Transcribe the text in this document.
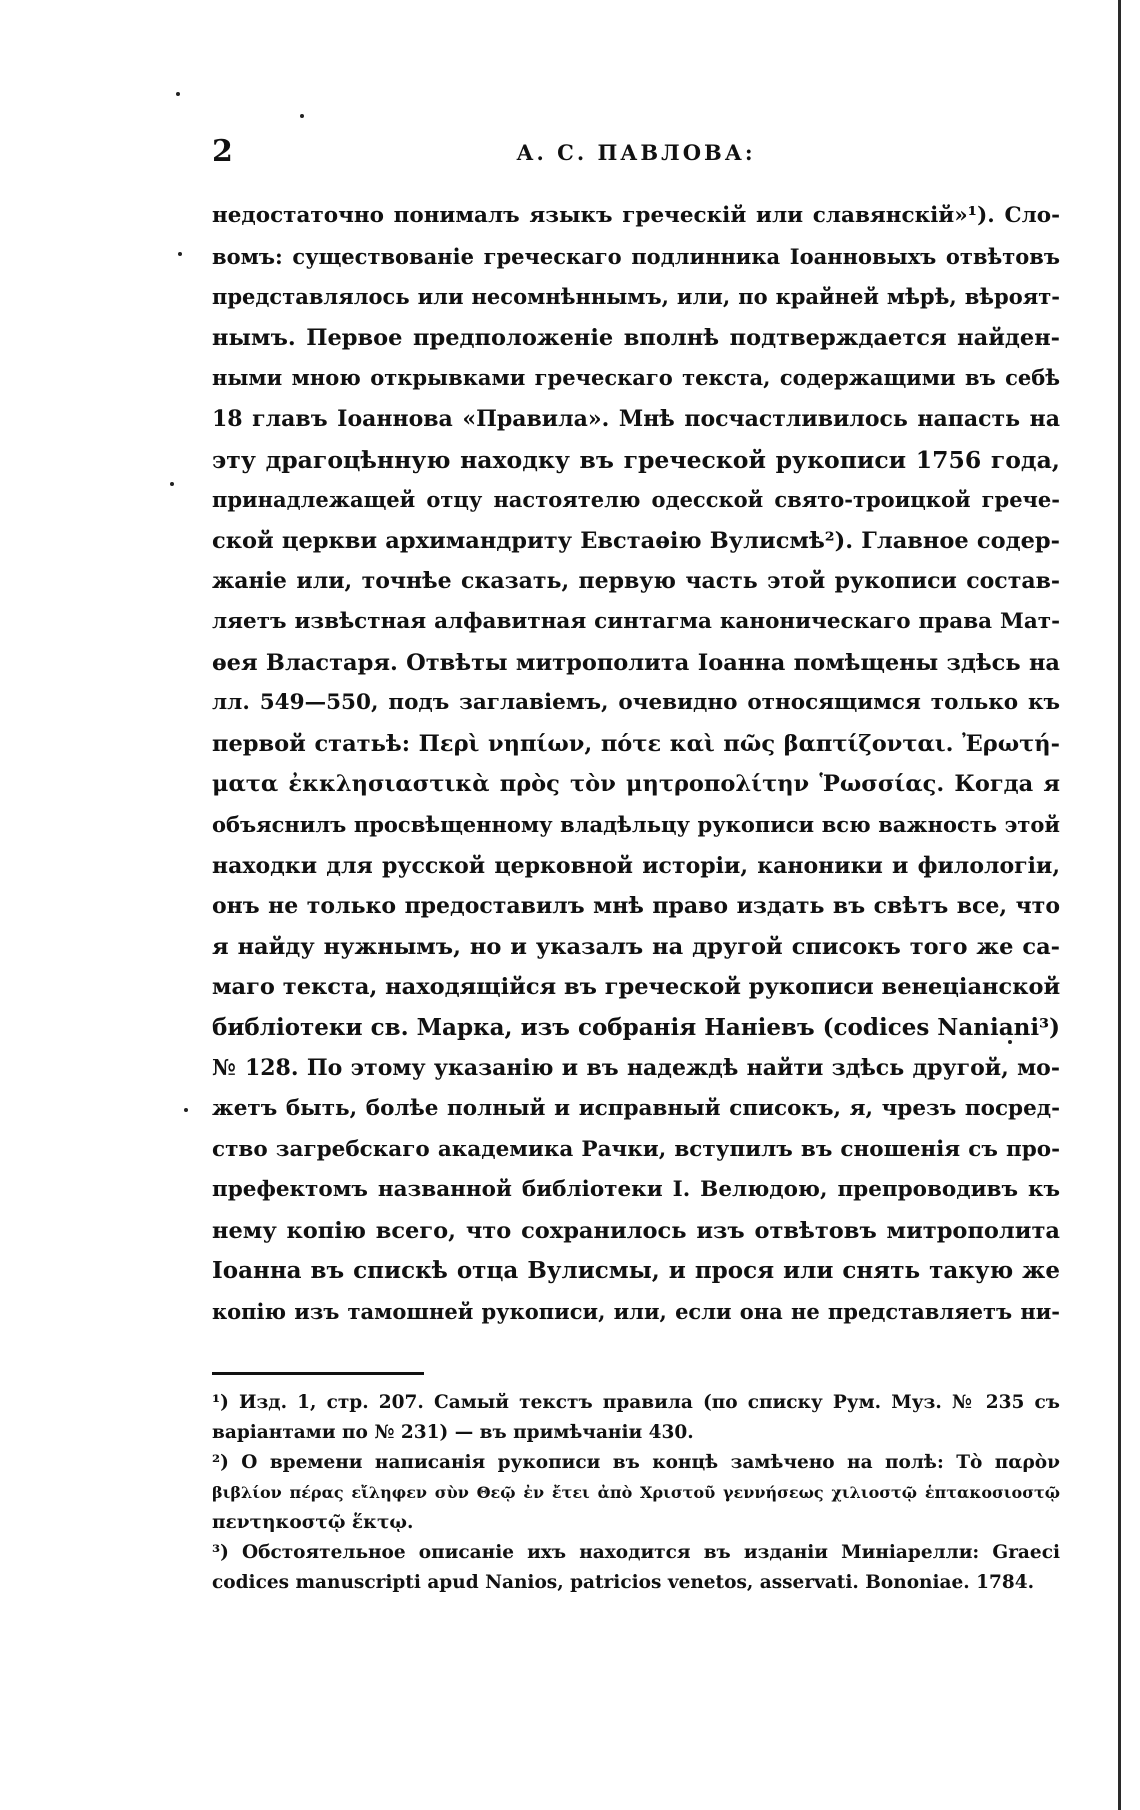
2	А. С. ПАВЛОВА:
недостаточно понималъ языкъ греческій или славянскій»¹). Сло-
вомъ: существованіе греческаго подлинника Іоанновыхъ отвѣтовъ
представлялось или несомнѣннымъ, или, по крайней мѣрѣ, вѣроят-
нымъ. Первое предположеніе вполнѣ подтверждается найден-
ными мною открывками греческаго текста, содержащими въ себѣ
18 главъ Іоаннова «Правила». Мнѣ посчастливилось напасть на
эту драгоцѣнную находку въ греческой рукописи 1756 года,
принадлежащей отцу настоятелю одесской свято-троицкой грече-
ской церкви архимандриту Евстаѳію Вулисмѣ²). Главное содер-
жаніе или, точнѣе сказать, первую часть этой рукописи состав-
ляетъ извѣстная алфавитная синтагма каноническаго права Мат-
ѳея Властаря. Отвѣты митрополита Іоанна помѣщены здѣсь на
лл. 549—550, подъ заглавіемъ, очевидно относящимся только къ
первой статьѣ: Περὶ νηπίων, πότε καὶ πῶς βαπτίζονται. Ἐρωτή-
ματα ἐκκλησιαστικὰ πρὸς τὸν μητροπολίτην Ῥωσσίας. Когда я
объяснилъ просвѣщенному владѣльцу рукописи всю важность этой
находки для русской церковной исторіи, каноники и филологіи,
онъ не только предоставилъ мнѣ право издать въ свѣтъ все, что
я найду нужнымъ, но и указалъ на другой списокъ того же са-
маго текста, находящійся въ греческой рукописи венеціанской
библіотеки св. Марка, изъ собранія Наніевъ (codices Naniani³)
№ 128. По этому указанію и въ надеждѣ найти здѣсь другой, мо-
жетъ быть, болѣе полный и исправный списокъ, я, чрезъ посред-
ство загребскаго академика Рачки, вступилъ въ сношенія съ про-
префектомъ названной библіотеки І. Велюдою, препроводивъ къ
нему копію всего, что сохранилось изъ отвѣтовъ митрополита
Іоанна въ спискѣ отца Вулисмы, и прося или снять такую же
копію изъ тамошней рукописи, или, если она не представляетъ ни-
¹) Изд. 1, стр. 207. Самый текстъ правила (по списку Рум. Муз. № 235 съ
варіантами по № 231) — въ примѣчаніи 430.
²) О времени написанія рукописи въ концѣ замѣчено на полѣ: Τὸ παρὸν
βιβλίον πέρας εἴληφεν σὺν Θεῷ ἐν ἔτει ἀπὸ Χριστοῦ γεννήσεως χιλιοστῷ ἑπτακοσιοστῷ
πεντηκοστῷ ἕκτῳ.
³) Обстоятельное описаніе ихъ находится въ изданіи Минiарелли: Graeci
codices manuscripti apud Nanios, patricios venetos, asservati. Bononiae. 1784.
